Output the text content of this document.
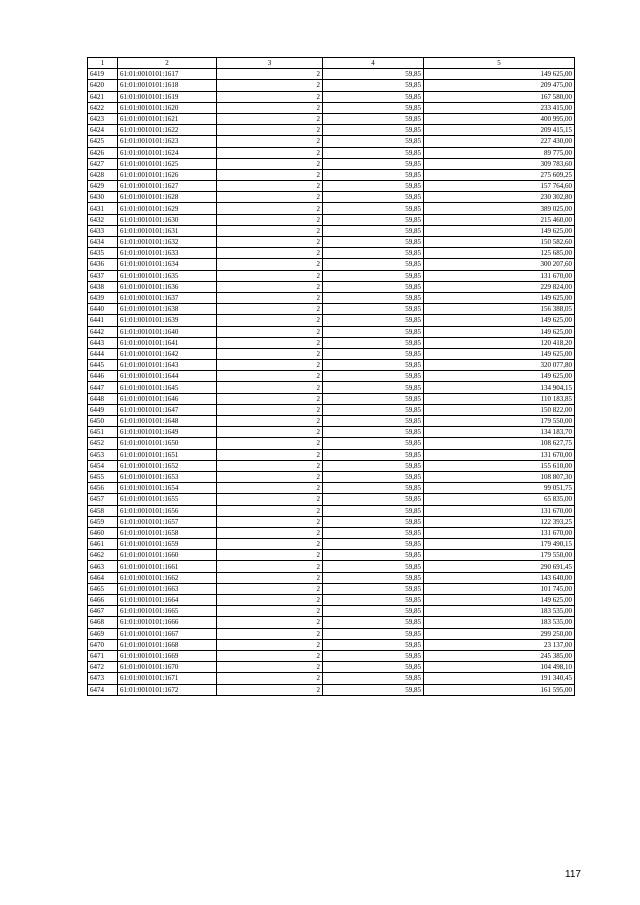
1	2	3	4	5
6419	61:01:0010101:1617	2	59,85	149 625,00
6420	61:01:0010101:1618	2	59,85	209 475,00
6421	61:01:0010101:1619	2	59,85	167 580,00
6422	61:01:0010101:1620	2	59,85	233 415,00
6423	61:01:0010101:1621	2	59,85	400 995,00
6424	61:01:0010101:1622	2	59,85	209 415,15
6425	61:01:0010101:1623	2	59,85	227 430,00
6426	61:01:0010101:1624	2	59,85	89 775,00
6427	61:01:0010101:1625	2	59,85	309 783,60
6428	61:01:0010101:1626	2	59,85	275 609,25
6429	61:01:0010101:1627	2	59,85	157 764,60
6430	61:01:0010101:1628	2	59,85	230 302,80
6431	61:01:0010101:1629	2	59,85	389 025,00
6432	61:01:0010101:1630	2	59,85	215 460,00
6433	61:01:0010101:1631	2	59,85	149 625,00
6434	61:01:0010101:1632	2	59,85	150 582,60
6435	61:01:0010101:1633	2	59,85	125 685,00
6436	61:01:0010101:1634	2	59,85	300 207,60
6437	61:01:0010101:1635	2	59,85	131 670,00
6438	61:01:0010101:1636	2	59,85	229 824,00
6439	61:01:0010101:1637	2	59,85	149 625,00
6440	61:01:0010101:1638	2	59,85	156 388,05
6441	61:01:0010101:1639	2	59,85	149 625,00
6442	61:01:0010101:1640	2	59,85	149 625,00
6443	61:01:0010101:1641	2	59,85	120 418,20
6444	61:01:0010101:1642	2	59,85	149 625,00
6445	61:01:0010101:1643	2	59,85	320 077,80
6446	61:01:0010101:1644	2	59,85	149 625,00
6447	61:01:0010101:1645	2	59,85	134 904,15
6448	61:01:0010101:1646	2	59,85	110 183,85
6449	61:01:0010101:1647	2	59,85	150 822,00
6450	61:01:0010101:1648	2	59,85	179 550,00
6451	61:01:0010101:1649	2	59,85	134 183,70
6452	61:01:0010101:1650	2	59,85	108 627,75
6453	61:01:0010101:1651	2	59,85	131 670,00
6454	61:01:0010101:1652	2	59,85	155 610,00
6455	61:01:0010101:1653	2	59,85	108 807,30
6456	61:01:0010101:1654	2	59,85	99 051,75
6457	61:01:0010101:1655	2	59,85	65 835,00
6458	61:01:0010101:1656	2	59,85	131 670,00
6459	61:01:0010101:1657	2	59,85	122 393,25
6460	61:01:0010101:1658	2	59,85	131 670,00
6461	61:01:0010101:1659	2	59,85	179 490,15
6462	61:01:0010101:1660	2	59,85	179 550,00
6463	61:01:0010101:1661	2	59,85	290 691,45
6464	61:01:0010101:1662	2	59,85	143 640,00
6465	61:01:0010101:1663	2	59,85	101 745,00
6466	61:01:0010101:1664	2	59,85	149 625,00
6467	61:01:0010101:1665	2	59,85	183 535,00
6468	61:01:0010101:1666	2	59,85	183 535,00
6469	61:01:0010101:1667	2	59,85	299 250,00
6470	61:01:0010101:1668	2	59,85	23 137,00
6471	61:01:0010101:1669	2	59,85	245 385,00
6472	61:01:0010101:1670	2	59,85	104 498,10
6473	61:01:0010101:1671	2	59,85	191 340,45
6474	61:01:0010101:1672	2	59,85	161 595,00
117
